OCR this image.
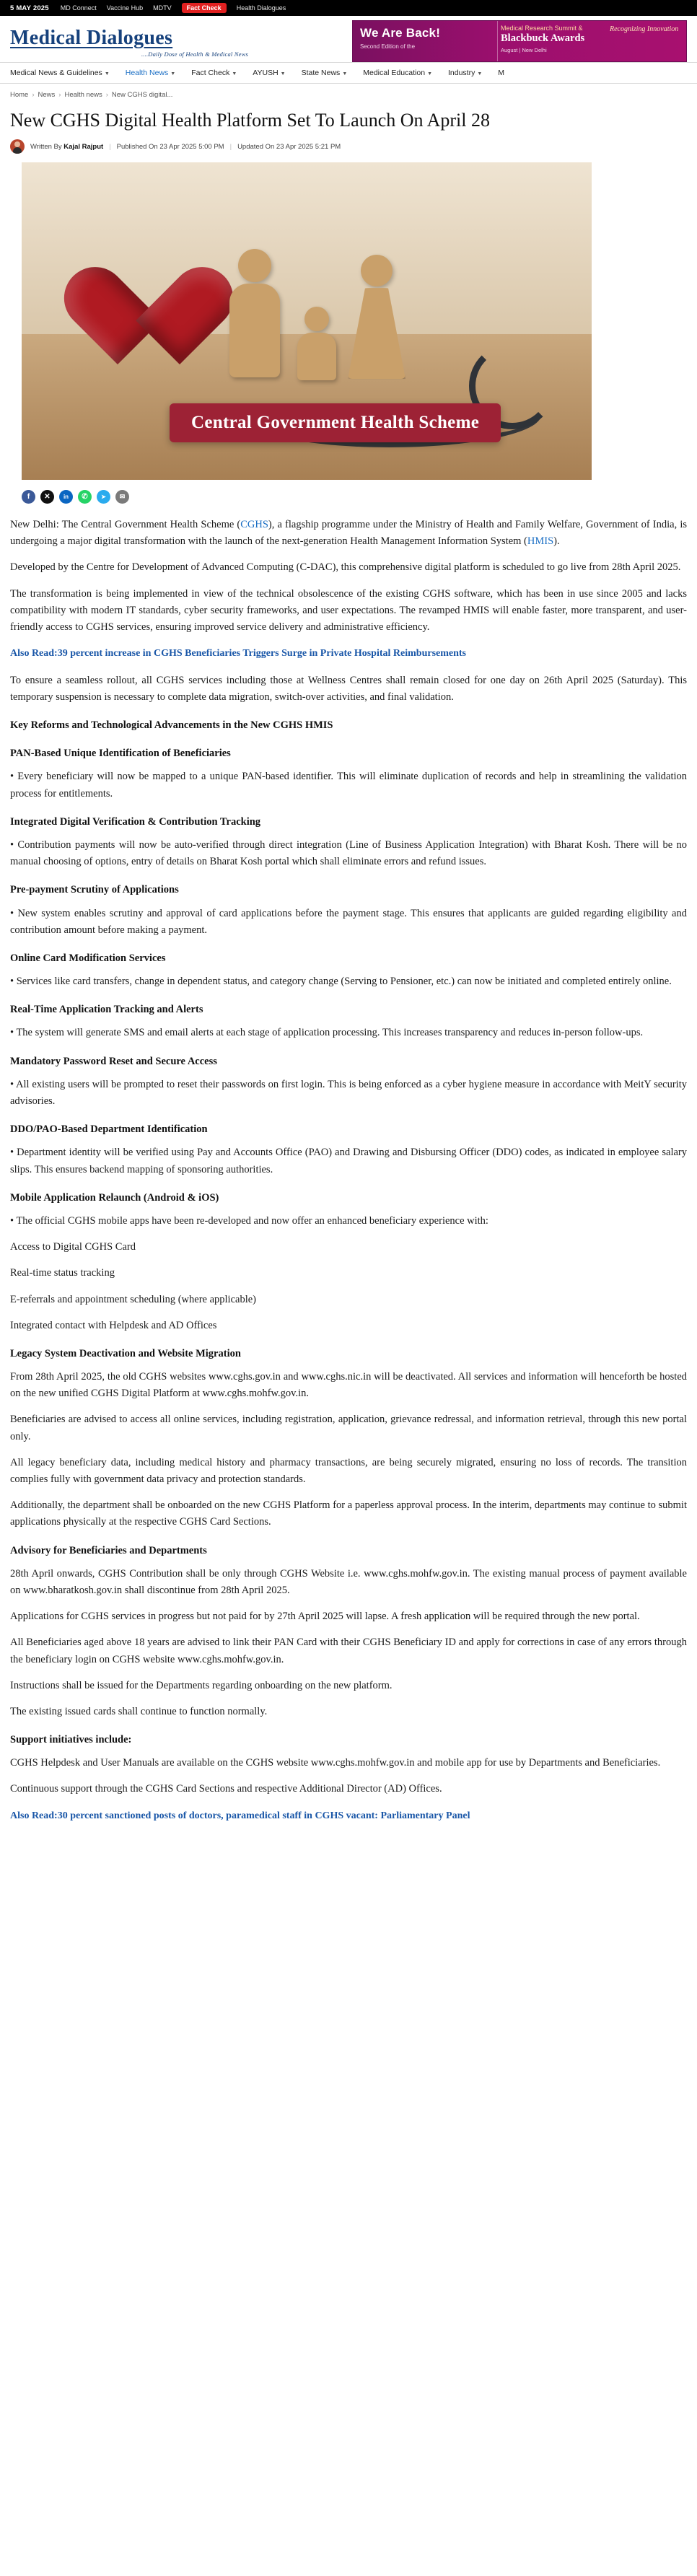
5 MAY 2025 MD Connect Vaccine Hub MDTV	Fact Check	Health Dialogues
Medical Dialogues
....Daily Dose of Health & Medical News
We Are Back!
Second Edition of the
Medical Research Summit &
Blackbuck Awards
August | New Delhi
Recognizing Innovation
Medical News & Guidelines ▼ Health News ▼ Fact Check ▼ AYUSH ▼ State News ▼ Medical Education ▼ Industry ▼ M
Home › News › Health news › New CGHS digital...
New CGHS Digital Health Platform Set To Launch On April 28
Written By Kajal Rajput | Published On 23 Apr 2025 5:00 PM | Updated On 23 Apr 2025 5:21 PM
Central Government Health Scheme
f	✕	in	✆	➤	✉

New Delhi: The Central Government Health Scheme (CGHS), a flagship programme under the Ministry of Health and Family Welfare, Government of India, is undergoing a major digital transformation with the launch of the next-generation Health Management Information System (HMIS).

Developed by the Centre for Development of Advanced Computing (C-DAC), this comprehensive digital platform is scheduled to go live from 28th April 2025.

The transformation is being implemented in view of the technical obsolescence of the existing CGHS software, which has been in use since 2005 and lacks compatibility with modern IT standards, cyber security frameworks, and user expectations. The revamped HMIS will enable faster, more transparent, and user-friendly access to CGHS services, ensuring improved service delivery and administrative efficiency.

Also Read:39 percent increase in CGHS Beneficiaries Triggers Surge in Private Hospital Reimbursements

To ensure a seamless rollout, all CGHS services including those at Wellness Centres shall remain closed for one day on 26th April 2025 (Saturday). This temporary suspension is necessary to complete data migration, switch-over activities, and final validation.

Key Reforms and Technological Advancements in the New CGHS HMIS
PAN-Based Unique Identification of Beneficiaries

• Every beneficiary will now be mapped to a unique PAN-based identifier. This will eliminate duplication of records and help in streamlining the validation process for entitlements.

Integrated Digital Verification & Contribution Tracking

• Contribution payments will now be auto-verified through direct integration (Line of Business Application Integration) with Bharat Kosh. There will be no manual choosing of options, entry of details on Bharat Kosh portal which shall eliminate errors and refund issues.

Pre-payment Scrutiny of Applications

• New system enables scrutiny and approval of card applications before the payment stage. This ensures that applicants are guided regarding eligibility and contribution amount before making a payment.

Online Card Modification Services

• Services like card transfers, change in dependent status, and category change (Serving to Pensioner, etc.) can now be initiated and completed entirely online.

Real-Time Application Tracking and Alerts

• The system will generate SMS and email alerts at each stage of application processing. This increases transparency and reduces in-person follow-ups.

Mandatory Password Reset and Secure Access

• All existing users will be prompted to reset their passwords on first login. This is being enforced as a cyber hygiene measure in accordance with MeitY security advisories.

DDO/PAO-Based Department Identification

• Department identity will be verified using Pay and Accounts Office (PAO) and Drawing and Disbursing Officer (DDO) codes, as indicated in employee salary slips. This ensures backend mapping of sponsoring authorities.

Mobile Application Relaunch (Android & iOS)

• The official CGHS mobile apps have been re-developed and now offer an enhanced beneficiary experience with:

Access to Digital CGHS Card

Real-time status tracking

E-referrals and appointment scheduling (where applicable)

Integrated contact with Helpdesk and AD Offices

Legacy System Deactivation and Website Migration

From 28th April 2025, the old CGHS websites www.cghs.gov.in and www.cghs.nic.in will be deactivated. All services and information will henceforth be hosted on the new unified CGHS Digital Platform at www.cghs.mohfw.gov.in.

Beneficiaries are advised to access all online services, including registration, application, grievance redressal, and information retrieval, through this new portal only.

All legacy beneficiary data, including medical history and pharmacy transactions, are being securely migrated, ensuring no loss of records. The transition complies fully with government data privacy and protection standards.

Additionally, the department shall be onboarded on the new CGHS Platform for a paperless approval process. In the interim, departments may continue to submit applications physically at the respective CGHS Card Sections.

Advisory for Beneficiaries and Departments

28th April onwards, CGHS Contribution shall be only through CGHS Website i.e. www.cghs.mohfw.gov.in. The existing manual process of payment available on www.bharatkosh.gov.in shall discontinue from 28th April 2025.

Applications for CGHS services in progress but not paid for by 27th April 2025 will lapse. A fresh application will be required through the new portal.

All Beneficiaries aged above 18 years are advised to link their PAN Card with their CGHS Beneficiary ID and apply for corrections in case of any errors through the beneficiary login on CGHS website www.cghs.mohfw.gov.in.

Instructions shall be issued for the Departments regarding onboarding on the new platform.

The existing issued cards shall continue to function normally.

Support initiatives include:

CGHS Helpdesk and User Manuals are available on the CGHS website www.cghs.mohfw.gov.in and mobile app for use by Departments and Beneficiaries.

Continuous support through the CGHS Card Sections and respective Additional Director (AD) Offices.

Also Read:30 percent sanctioned posts of doctors, paramedical staff in CGHS vacant: Parliamentary Panel
